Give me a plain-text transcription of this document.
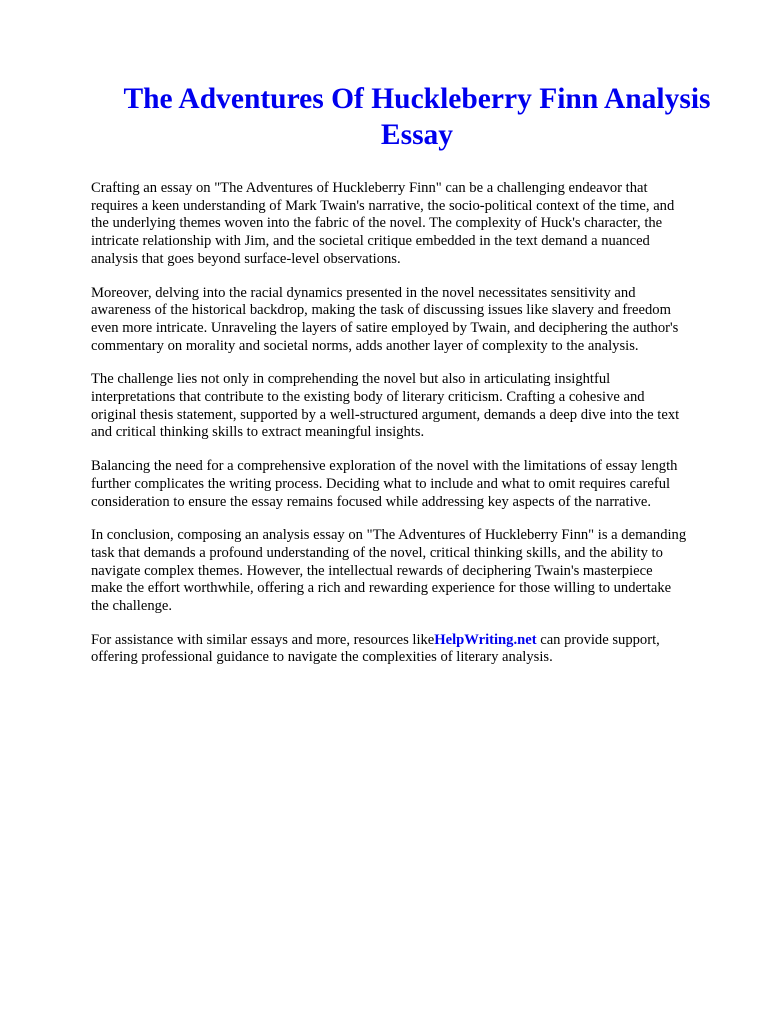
The Adventures Of Huckleberry Finn Analysis
Essay

Crafting an essay on "The Adventures of Huckleberry Finn" can be a challenging endeavor that
requires a keen understanding of Mark Twain's narrative, the socio-political context of the time, and
the underlying themes woven into the fabric of the novel. The complexity of Huck's character, the
intricate relationship with Jim, and the societal critique embedded in the text demand a nuanced
analysis that goes beyond surface-level observations.

Moreover, delving into the racial dynamics presented in the novel necessitates sensitivity and
awareness of the historical backdrop, making the task of discussing issues like slavery and freedom
even more intricate. Unraveling the layers of satire employed by Twain, and deciphering the author's
commentary on morality and societal norms, adds another layer of complexity to the analysis.

The challenge lies not only in comprehending the novel but also in articulating insightful
interpretations that contribute to the existing body of literary criticism. Crafting a cohesive and
original thesis statement, supported by a well-structured argument, demands a deep dive into the text
and critical thinking skills to extract meaningful insights.

Balancing the need for a comprehensive exploration of the novel with the limitations of essay length
further complicates the writing process. Deciding what to include and what to omit requires careful
consideration to ensure the essay remains focused while addressing key aspects of the narrative.

In conclusion, composing an analysis essay on "The Adventures of Huckleberry Finn" is a demanding
task that demands a profound understanding of the novel, critical thinking skills, and the ability to
navigate complex themes. However, the intellectual rewards of deciphering Twain's masterpiece
make the effort worthwhile, offering a rich and rewarding experience for those willing to undertake
the challenge.

For assistance with similar essays and more, resources likeHelpWriting.net can provide support,
offering professional guidance to navigate the complexities of literary analysis.
